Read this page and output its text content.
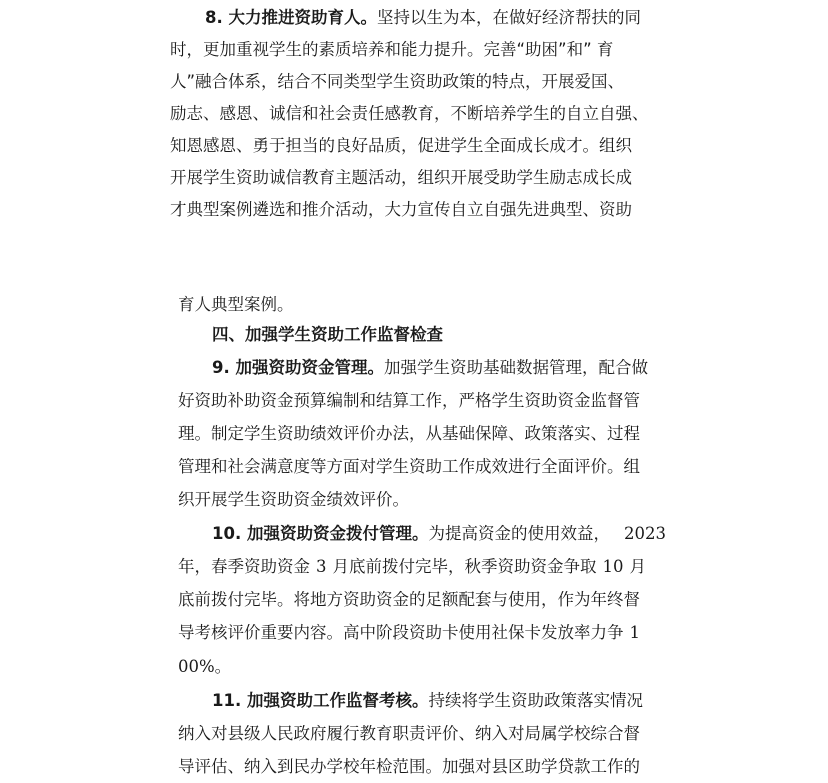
8. 大力推进资助育人。坚持以生为本，在做好经济帮扶的同
时，更加重视学生的素质培养和能力提升。完善“助困”和” 育
人”融合体系，结合不同类型学生资助政策的特点，开展爱国、
励志、感恩、诚信和社会责任感教育，不断培养学生的自立自强、
知恩感恩、勇于担当的良好品质，促进学生全面成长成才。组织
开展学生资助诚信教育主题活动，组织开展受助学生励志成长成
才典型案例遴选和推介活动，大力宣传自立自强先进典型、资助
育人典型案例。
四、加强学生资助工作监督检查
9. 加强资助资金管理。加强学生资助基础数据管理，配合做
好资助补助资金预算编制和结算工作，严格学生资助资金监督管
理。制定学生资助绩效评价办法，从基础保障、政策落实、过程
管理和社会满意度等方面对学生资助工作成效进行全面评价。组
织开展学生资助资金绩效评价。
10. 加强资助资金拨付管理。为提高资金的使用效益， 2023
年，春季资助资金 3 月底前拨付完毕，秋季资助资金争取 10 月
底前拨付完毕。将地方资助资金的足额配套与使用，作为年终督
导考核评价重要内容。高中阶段资助卡使用社保卡发放率力争 1
00%。
11. 加强资助工作监督考核。持续将学生资助政策落实情况
纳入对县级人民政府履行教育职责评价、纳入对局属学校综合督
导评估、纳入到民办学校年检范围。加强对县区助学贷款工作的
